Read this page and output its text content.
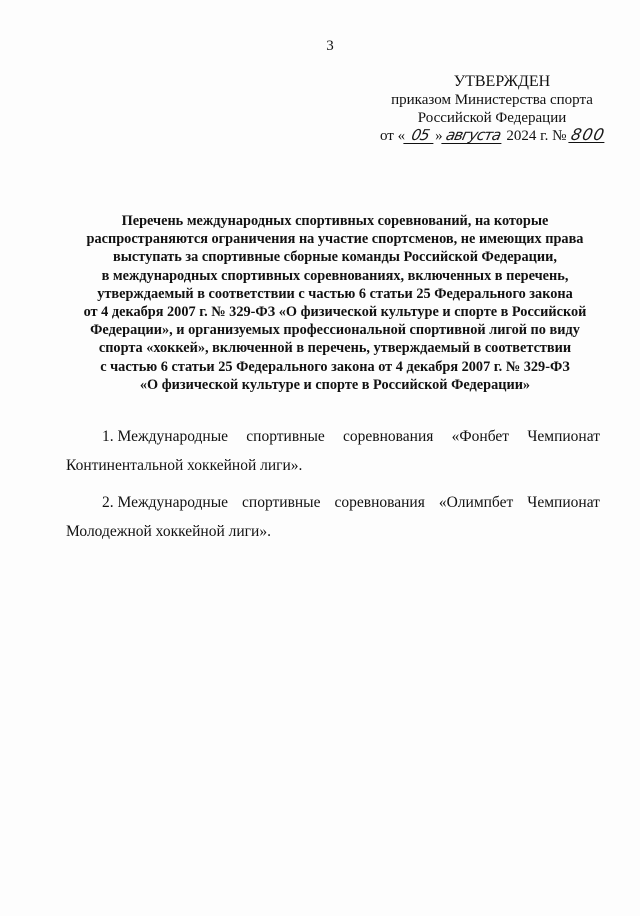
3
УТВЕРЖДЕН
приказом Министерства спорта
Российской Федерации
от « 05 »августа 2024 г. № 800
Перечень международных спортивных соревнований, на которые
распространяются ограничения на участие спортсменов, не имеющих права
выступать за спортивные сборные команды Российской Федерации,
в международных спортивных соревнованиях, включенных в перечень,
утверждаемый в соответствии с частью 6 статьи 25 Федерального закона
от 4 декабря 2007 г. № 329-ФЗ «О физической культуре и спорте в Российской
Федерации», и организуемых профессиональной спортивной лигой по виду
спорта «хоккей», включенной в перечень, утверждаемый в соответствии
с частью 6 статьи 25 Федерального закона от 4 декабря 2007 г. № 329-ФЗ
«О физической культуре и спорте в Российской Федерации»
1. Международные спортивные соревнования «Фонбет Чемпионат
Континентальной хоккейной лиги».
2. Международные спортивные соревнования «Олимпбет Чемпионат
Молодежной хоккейной лиги».
